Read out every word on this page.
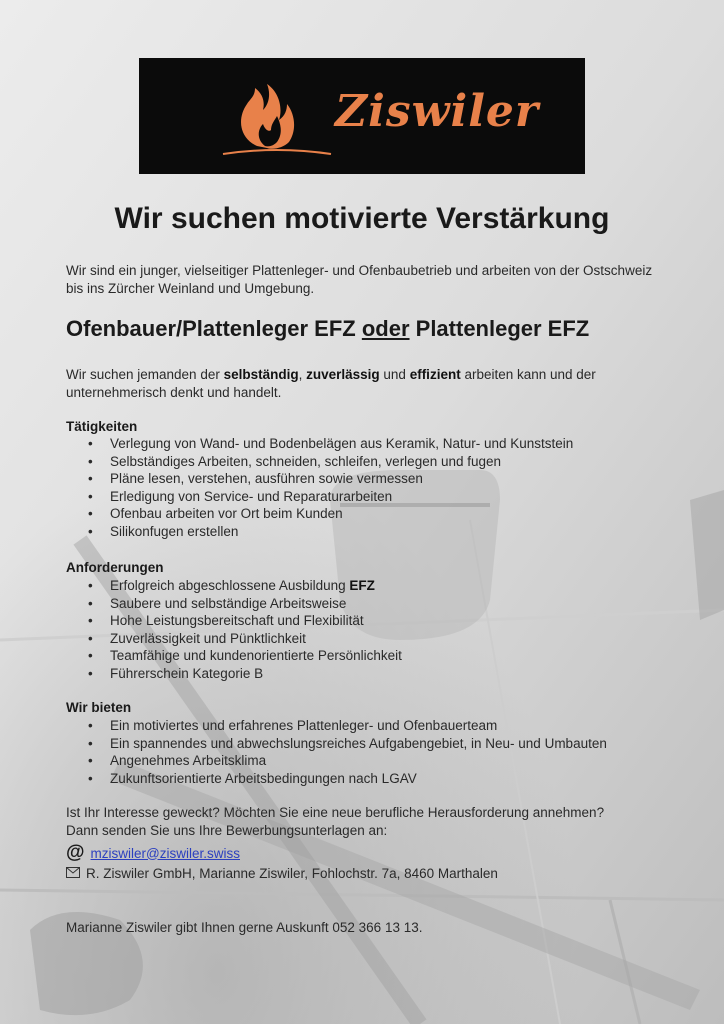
Ziswiler
Wir suchen motivierte Verstärkung
Wir sind ein junger, vielseitiger Plattenleger- und Ofenbaubetrieb und arbeiten von der Ostschweiz bis ins Zürcher Weinland und Umgebung.
Ofenbauer/Plattenleger EFZ oder Plattenleger EFZ
Wir suchen jemanden der selbständig, zuverlässig und effizient arbeiten kann und der unternehmerisch denkt und handelt.
Tätigkeiten
• Verlegung von Wand- und Bodenbelägen aus Keramik, Natur- und Kunststein
• Selbständiges Arbeiten, schneiden, schleifen, verlegen und fugen
• Pläne lesen, verstehen, ausführen sowie vermessen
• Erledigung von Service- und Reparaturarbeiten
• Ofenbau arbeiten vor Ort beim Kunden
• Silikonfugen erstellen
Anforderungen
• Erfolgreich abgeschlossene Ausbildung EFZ
• Saubere und selbständige Arbeitsweise
• Hohe Leistungsbereitschaft und Flexibilität
• Zuverlässigkeit und Pünktlichkeit
• Teamfähige und kundenorientierte Persönlichkeit
• Führerschein Kategorie B
Wir bieten
• Ein motiviertes und erfahrenes Plattenleger- und Ofenbauerteam
• Ein spannendes und abwechslungsreiches Aufgabengebiet, in Neu- und Umbauten
• Angenehmes Arbeitsklima
• Zukunftsorientierte Arbeitsbedingungen nach LGAV
Ist Ihr Interesse geweckt? Möchten Sie eine neue berufliche Herausforderung annehmen?
Dann senden Sie uns Ihre Bewerbungsunterlagen an:
@ mziswiler@ziswiler.swiss
R. Ziswiler GmbH, Marianne Ziswiler, Fohlochstr. 7a, 8460 Marthalen
Marianne Ziswiler gibt Ihnen gerne Auskunft 052 366 13 13.
